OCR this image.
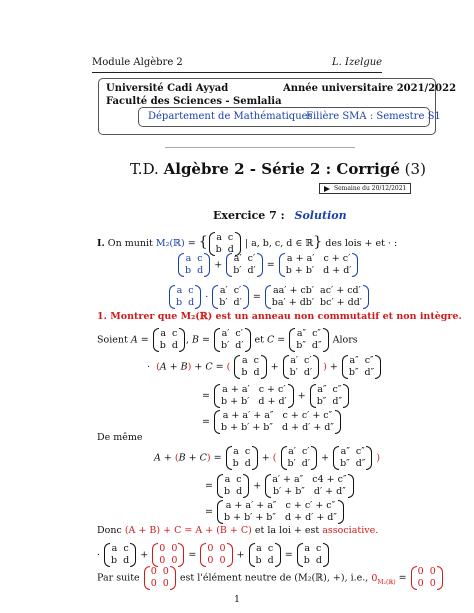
Module Algèbre 2	L. Izelgue
Université Cadi Ayyad
Faculté des Sciences - Semlalia
Année universitaire 2021/2022
Département de Mathématiques
Filière SMA : Semestre S1
T.D. Algèbre 2 - Série 2 : Corrigé (3)
Semaine du 20/12/2021
Exercice 7 : Solution
I. On munit M₂(ℝ) = { a  c
b  d | a, b, c, d ∈ ℝ} des lois + et · :
a  c
b  d +
a′  c′
b′  d′ =
a + a′   c + c′
b + b′   d + d′
a  c
b  d ·
a′  c′
b′  d′ =
aa′ + cb′  ac′ + cd′
ba′ + db′  bc′ + dd′
1. Montrer que M₂(ℝ) est un anneau non commutatif et non intègre.
Soient A =
a  c
b  d , B =
a′  c′
b′  d′ et C =
a″  c″
b″  d″ Alors
·  (A + B) + C = (
a  c
b  d +
a′  c′
b′  d′ ) +
a″  c″
b″  d″
=
a + a′   c + c′
b + b′   d + d′ +
a″  c″
b″  d″
=
a + a′ + a″   c + c′ + c″
b + b′ + b″   d + d′ + d″
De même
A + (B + C) =
a  c
b  d + (
a′  c′
b′  d′ +
a″  c″
b″  d″ )
=
a  c
b  d +
a′ + a″   c4 + c″
b′ + b″   d′ + d″
=
a + a′ + a″   c + c′ + c″
b + b′ + b″   d + d′ + d″
Donc (A + B) + C = A + (B + C) et la loi + est associative.
·
a  c
b  d +
0  0
0  0 =
0  0
0  0 +
a  c
b  d =
a  c
b  d
Par suite
0  0
0  0 est l'élément neutre de (M₂(ℝ), +), i.e., $0_{M_2(ℝ)}$ =
0  0
0  0
1
